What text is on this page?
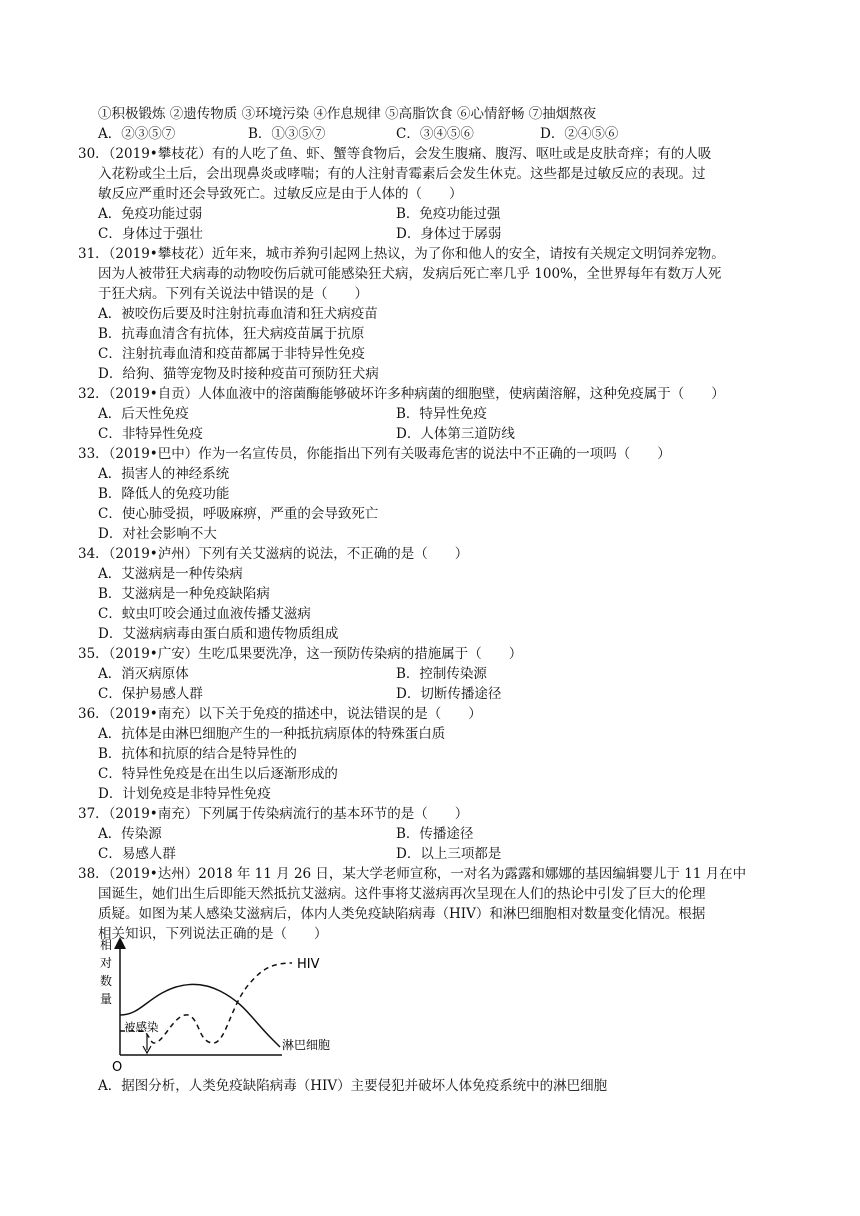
①积极锻炼 ②遗传物质 ③环境污染 ④作息规律 ⑤高脂饮食 ⑥心情舒畅 ⑦抽烟熬夜
A．②③⑤⑦	B．①③⑤⑦	C．③④⑤⑥	D．②④⑤⑥
30．（2019•攀枝花）有的人吃了鱼、虾、蟹等食物后，会发生腹痛、腹泻、呕吐或是皮肤奇痒；有的人吸
入花粉或尘土后，会出现鼻炎或哮喘；有的人注射青霉素后会发生休克。这些都是过敏反应的表现。过
敏反应严重时还会导致死亡。过敏反应是由于人体的（　　）
A．免疫功能过弱	B．免疫功能过强
C．身体过于强壮	D．身体过于孱弱
31．（2019•攀枝花）近年来，城市养狗引起网上热议，为了你和他人的安全，请按有关规定文明饲养宠物。
因为人被带狂犬病毒的动物咬伤后就可能感染狂犬病，发病后死亡率几乎 100%，全世界每年有数万人死
于狂犬病。下列有关说法中错误的是（　　）
A．被咬伤后要及时注射抗毒血清和狂犬病疫苗
B．抗毒血清含有抗体，狂犬病疫苗属于抗原
C．注射抗毒血清和疫苗都属于非特异性免疫
D．给狗、猫等宠物及时接种疫苗可预防狂犬病
32．（2019•自贡）人体血液中的溶菌酶能够破坏许多种病菌的细胞壁，使病菌溶解，这种免疫属于（　　）
A．后天性免疫	B．特异性免疫
C．非特异性免疫	D．人体第三道防线
33．（2019•巴中）作为一名宣传员，你能指出下列有关吸毒危害的说法中不正确的一项吗（　　）
A．损害人的神经系统
B．降低人的免疫功能
C．使心肺受损，呼吸麻痹，严重的会导致死亡
D．对社会影响不大
34．（2019•泸州）下列有关艾滋病的说法，不正确的是（　　）
A．艾滋病是一种传染病
B．艾滋病是一种免疫缺陷病
C．蚊虫叮咬会通过血液传播艾滋病
D．艾滋病病毒由蛋白质和遗传物质组成
35．（2019•广安）生吃瓜果要洗净，这一预防传染病的措施属于（　　）
A．消灭病原体	B．控制传染源
C．保护易感人群	D．切断传播途径
36．（2019•南充）以下关于免疫的描述中，说法错误的是（　　）
A．抗体是由淋巴细胞产生的一种抵抗病原体的特殊蛋白质
B．抗体和抗原的结合是特异性的
C．特异性免疫是在出生以后逐渐形成的
D．计划免疫是非特异性免疫
37．（2019•南充）下列属于传染病流行的基本环节的是（　　）
A．传染源	B．传播途径
C．易感人群	D．以上三项都是
38．（2019•达州）2018 年 11 月 26 日，某大学老师宣称，一对名为露露和娜娜的基因编辑婴儿于 11 月在中
国诞生，她们出生后即能天然抵抗艾滋病。这件事将艾滋病再次呈现在人们的热论中引发了巨大的伦理
质疑。如图为某人感染艾滋病后，体内人类免疫缺陷病毒（HIV）和淋巴细胞相对数量变化情况。根据
相关知识，下列说法正确的是（　　）
相
对
数
量
O
被感染
HIV
淋巴细胞
A．据图分析，人类免疫缺陷病毒（HIV）主要侵犯并破坏人体免疫系统中的淋巴细胞
